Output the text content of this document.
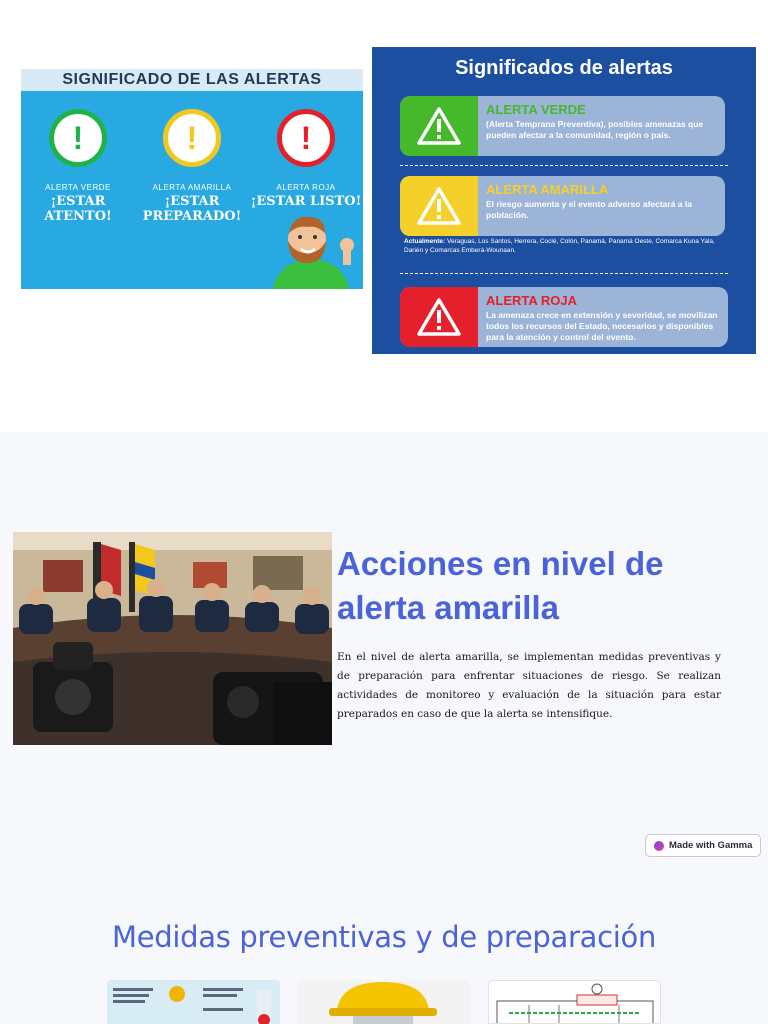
SIGNIFICADO DE LAS ALERTAS
!
ALERTA VERDE
¡ESTAR ATENTO!
!
ALERTA AMARILLA
¡ESTAR PREPARADO!
!
ALERTA ROJA
¡ESTAR LISTO!
Significados de alertas
ALERTA VERDE
(Alerta Temprana Preventiva), posibles amenazas que pueden afectar a la comunidad, región o país.
ALERTA AMARILLA
El riesgo aumenta y el evento adverso afectará a la población.
Actualmente: Veraguas, Los Santos, Herrera, Coclé, Colón, Panamá, Panamá Oeste, Comarca Kuna Yala, Darién y Comarcas Emberá-Wounaan.
ALERTA ROJA
La amenaza crece en extensión y severidad, se movilizan todos los recursos del Estado, necesarios y disponibles para la atención y control del evento.
Acciones en nivel de alerta amarilla

En el nivel de alerta amarilla, se implementan medidas preventivas y de preparación para enfrentar situaciones de riesgo. Se realizan actividades de monitoreo y evaluación de la situación para estar preparados en caso de que la alerta se intensifique.

Made with Gamma
Medidas preventivas y de preparación
